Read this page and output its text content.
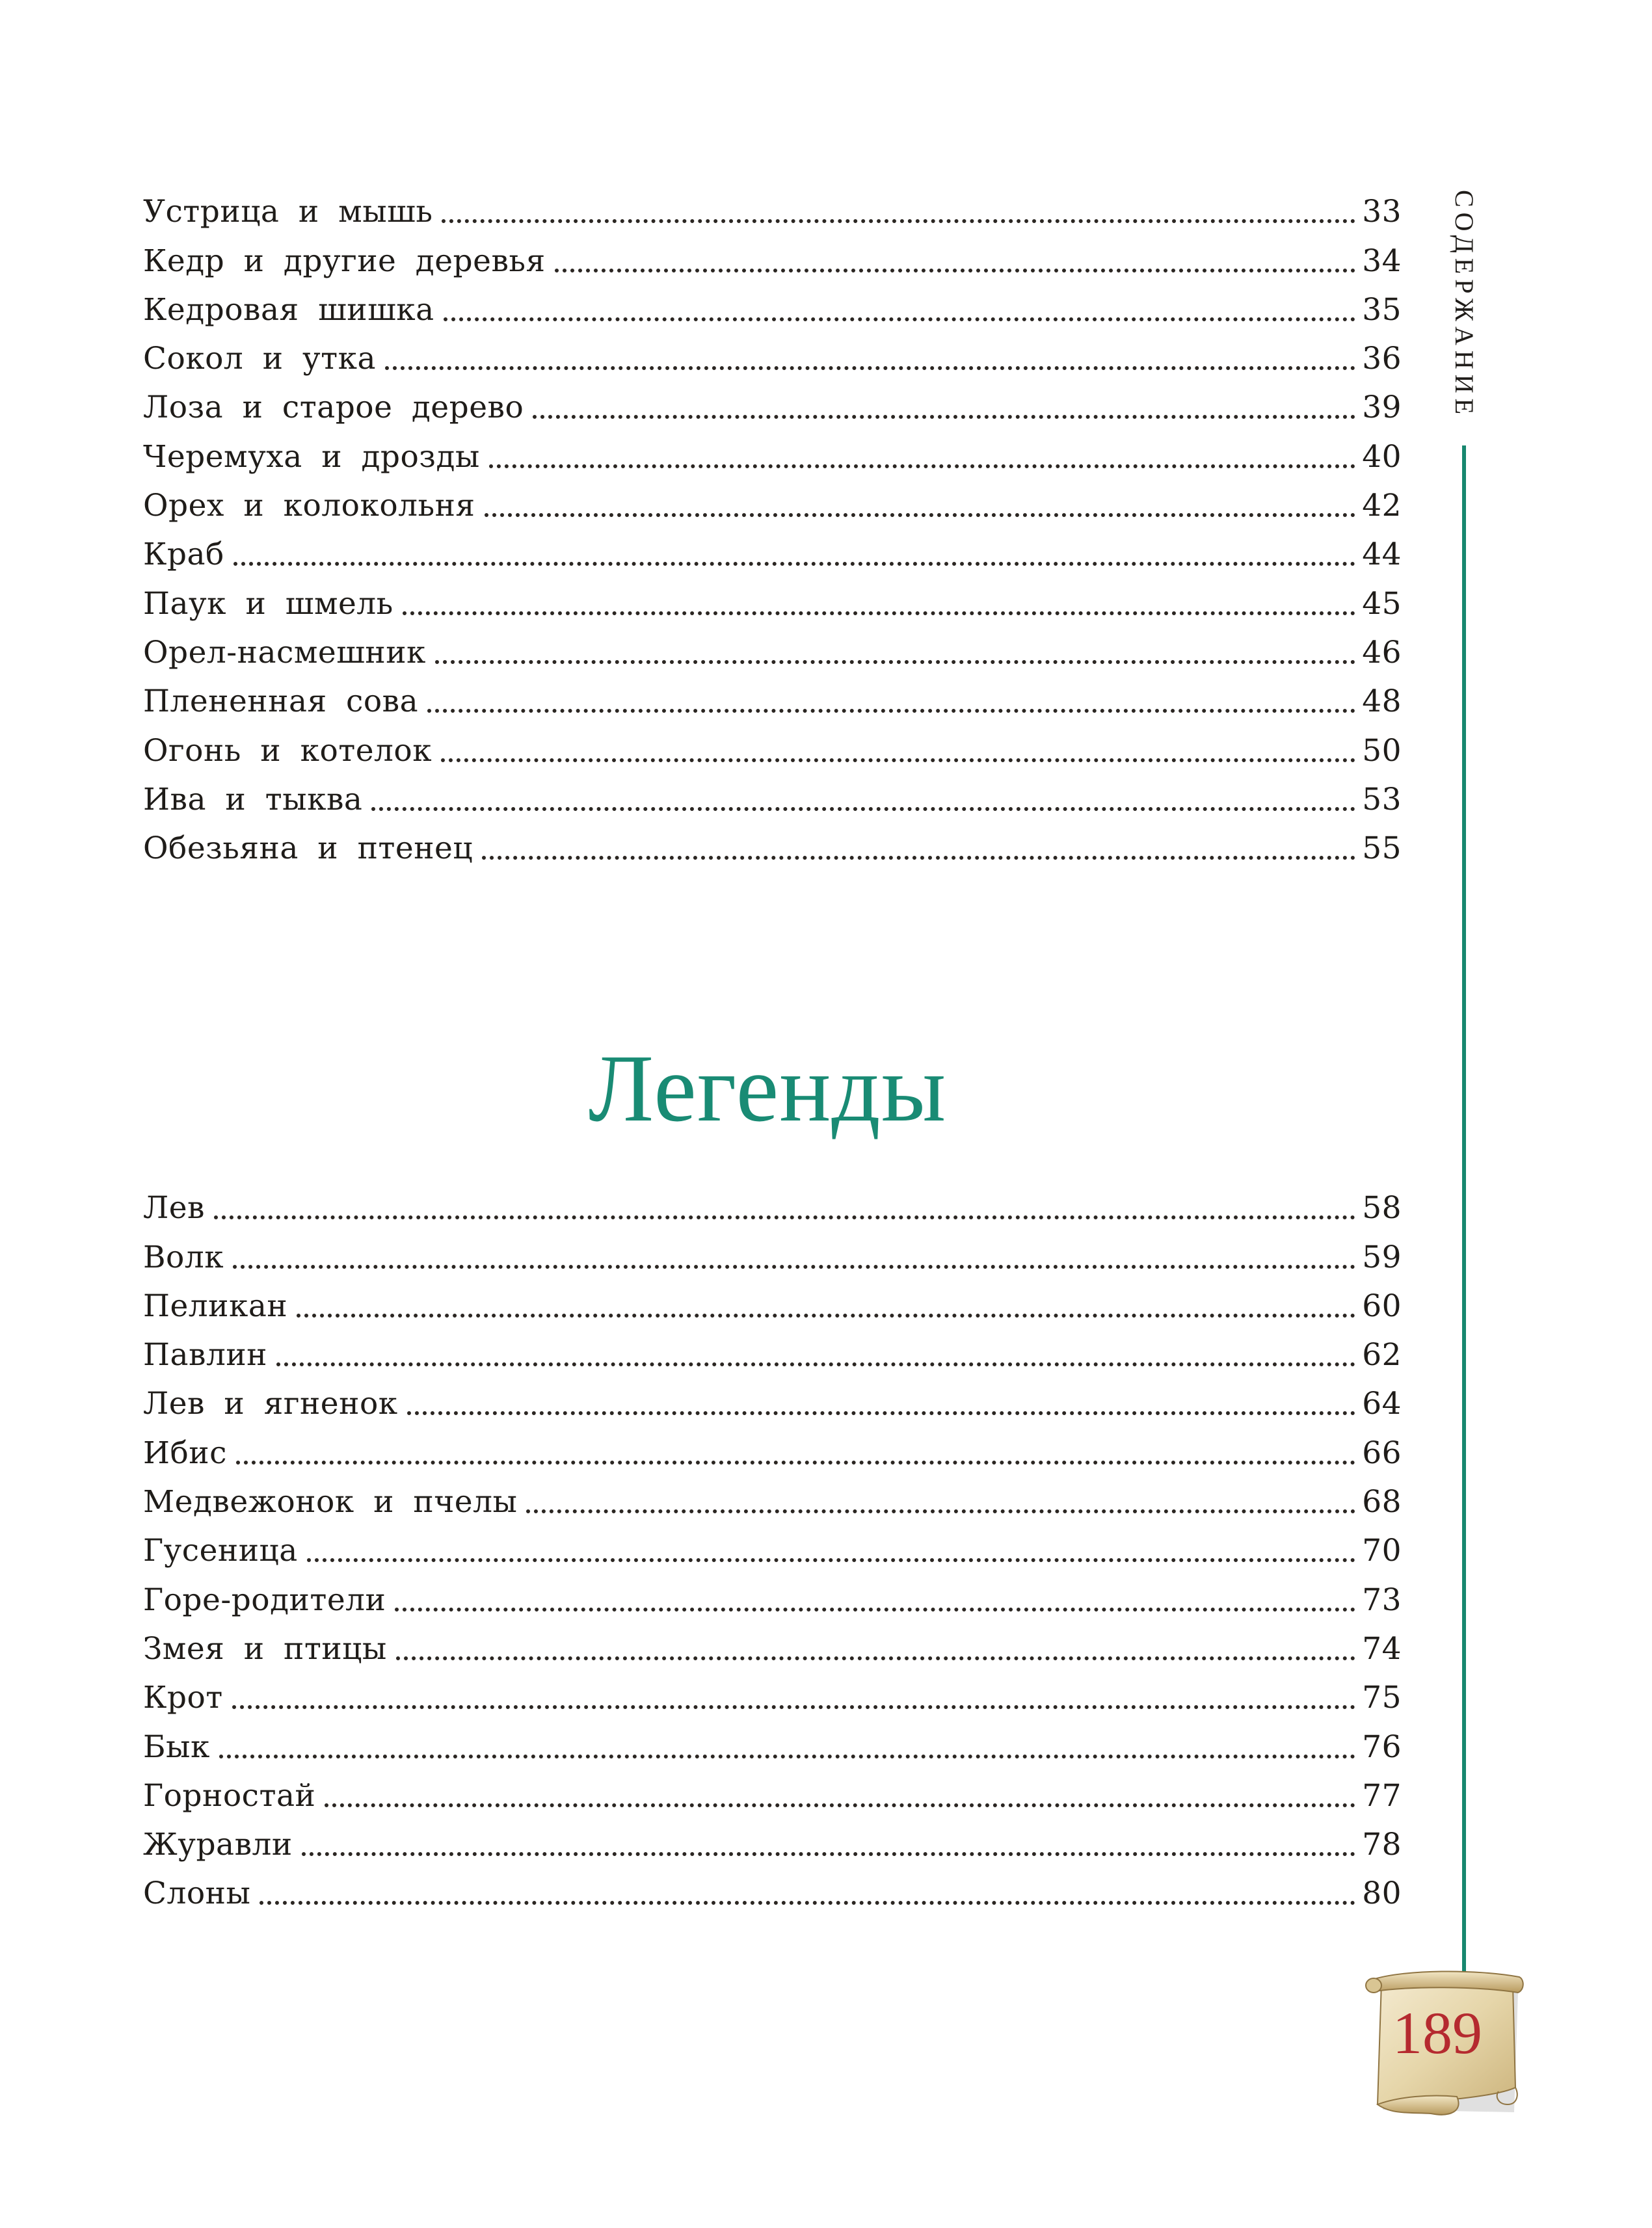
Устрица и мышь	33
Кедр и другие деревья	34
Кедровая шишка	35
Сокол и утка	36
Лоза и старое дерево	39
Черемуха и дрозды	40
Орех и колокольня	42
Краб	44
Паук и шмель	45
Орел-насмешник	46
Плененная сова	48
Огонь и котелок	50
Ива и тыква	53
Обезьяна и птенец	55
Легенды
Лев	58
Волк	59
Пеликан	60
Павлин	62
Лев и ягненок	64
Ибис	66
Медвежонок и пчелы	68
Гусеница	70
Горе-родители	73
Змея и птицы	74
Крот	75
Бык	76
Горностай	77
Журавли	78
Слоны	80
СОДЕРЖАНИЕ
189
